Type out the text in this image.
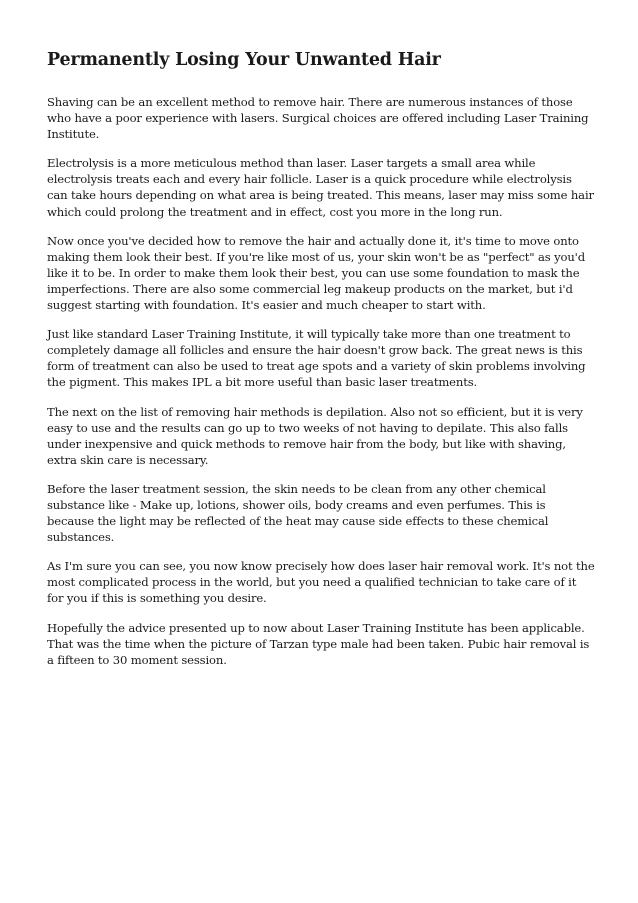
Permanently Losing Your Unwanted Hair

Shaving can be an excellent method to remove hair. There are numerous instances of those who have a poor experience with lasers. Surgical choices are offered including Laser Training Institute.

Electrolysis is a more meticulous method than laser. Laser targets a small area while electrolysis treats each and every hair follicle. Laser is a quick procedure while electrolysis can take hours depending on what area is being treated. This means, laser may miss some hair which could prolong the treatment and in effect, cost you more in the long run.

Now once you've decided how to remove the hair and actually done it, it's time to move onto making them look their best. If you're like most of us, your skin won't be as "perfect" as you'd like it to be. In order to make them look their best, you can use some foundation to mask the imperfections. There are also some commercial leg makeup products on the market, but i'd suggest starting with foundation. It's easier and much cheaper to start with.

Just like standard Laser Training Institute, it will typically take more than one treatment to completely damage all follicles and ensure the hair doesn't grow back. The great news is this form of treatment can also be used to treat age spots and a variety of skin problems involving the pigment. This makes IPL a bit more useful than basic laser treatments.

The next on the list of removing hair methods is depilation. Also not so efficient, but it is very easy to use and the results can go up to two weeks of not having to depilate. This also falls under inexpensive and quick methods to remove hair from the body, but like with shaving, extra skin care is necessary.

Before the laser treatment session, the skin needs to be clean from any other chemical substance like - Make up, lotions, shower oils, body creams and even perfumes. This is because the light may be reflected of the heat may cause side effects to these chemical substances.

As I'm sure you can see, you now know precisely how does laser hair removal work. It's not the most complicated process in the world, but you need a qualified technician to take care of it for you if this is something you desire.

Hopefully the advice presented up to now about Laser Training Institute has been applicable. That was the time when the picture of Tarzan type male had been taken. Pubic hair removal is a fifteen to 30 moment session.
